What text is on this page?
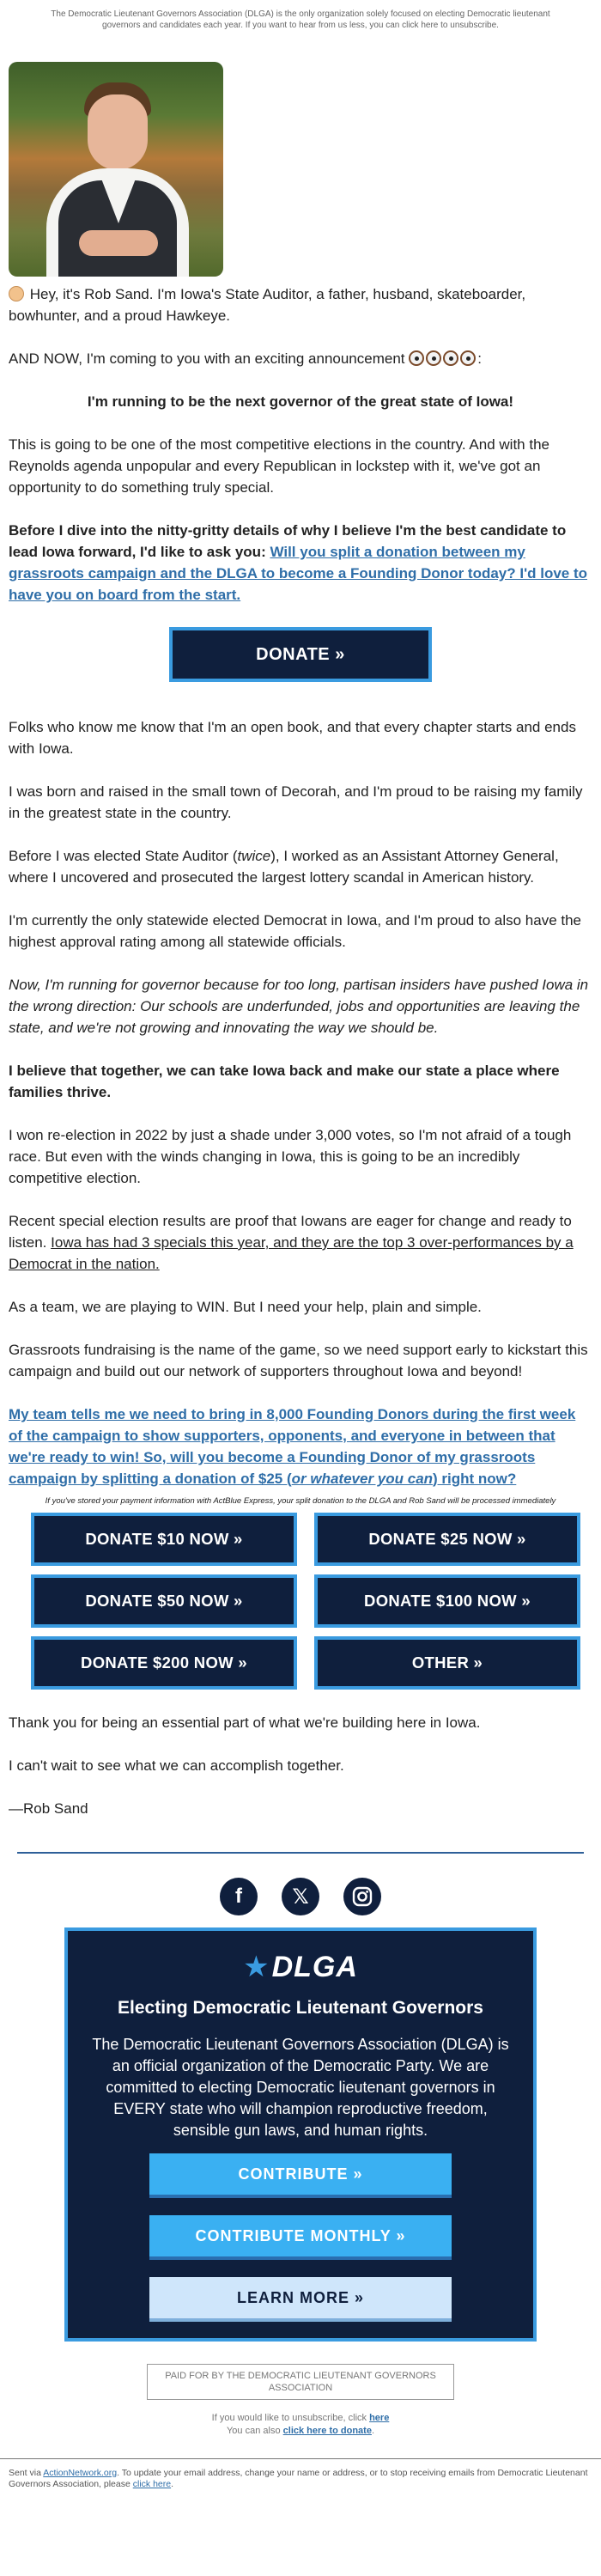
The Democratic Lieutenant Governors Association (DLGA) is the only organization solely focused on electing Democratic lieutenant governors and candidates each year. If you want to hear from us less, you can click here to unsubscribe.

Hey, it's Rob Sand. I'm Iowa's State Auditor, a father, husband, skateboarder, bowhunter, and a proud Hawkeye.

AND NOW, I'm coming to you with an exciting announcement	:

I'm running to be the next governor of the great state of Iowa!

This is going to be one of the most competitive elections in the country. And with the Reynolds agenda unpopular and every Republican in lockstep with it, we've got an opportunity to do something truly special.

Before I dive into the nitty-gritty details of why I believe I'm the best candidate to lead Iowa forward, I'd like to ask you: Will you split a donation between my grassroots campaign and the DLGA to become a Founding Donor today? I'd love to have you on board from the start.

DONATE »

Folks who know me know that I'm an open book, and that every chapter starts and ends with Iowa.

I was born and raised in the small town of Decorah, and I'm proud to be raising my family in the greatest state in the country.

Before I was elected State Auditor (twice), I worked as an Assistant Attorney General, where I uncovered and prosecuted the largest lottery scandal in American history.

I'm currently the only statewide elected Democrat in Iowa, and I'm proud to also have the highest approval rating among all statewide officials.

Now, I'm running for governor because for too long, partisan insiders have pushed Iowa in the wrong direction: Our schools are underfunded, jobs and opportunities are leaving the state, and we're not growing and innovating the way we should be.

I believe that together, we can take Iowa back and make our state a place where families thrive.

I won re-election in 2022 by just a shade under 3,000 votes, so I'm not afraid of a tough race. But even with the winds changing in Iowa, this is going to be an incredibly competitive election.

Recent special election results are proof that Iowans are eager for change and ready to listen. Iowa has had 3 specials this year, and they are the top 3 over-performances by a Democrat in the nation.

As a team, we are playing to WIN. But I need your help, plain and simple.

Grassroots fundraising is the name of the game, so we need support early to kickstart this campaign and build out our network of supporters throughout Iowa and beyond!

My team tells me we need to bring in 8,000 Founding Donors during the first week of the campaign to show supporters, opponents, and everyone in between that we're ready to win! So, will you become a Founding Donor of my grassroots campaign by splitting a donation of $25 (or whatever you can) right now?

If you've stored your payment information with ActBlue Express, your split donation to the DLGA and Rob Sand will be processed immediately
DONATE $10 NOW »	DONATE $25 NOW »
DONATE $50 NOW »	DONATE $100 NOW »
DONATE $200 NOW »	OTHER »

Thank you for being an essential part of what we're building here in Iowa.

I can't wait to see what we can accomplish together.

—Rob Sand

f	𝕏
★DLGA
Electing Democratic Lieutenant Governors
The Democratic Lieutenant Governors Association (DLGA) is an official organization of the Democratic Party. We are committed to electing Democratic lieutenant governors in EVERY state who will champion reproductive freedom, sensible gun laws, and human rights.
CONTRIBUTE »
CONTRIBUTE MONTHLY »
LEARN MORE »
PAID FOR BY THE DEMOCRATIC LIEUTENANT GOVERNORS ASSOCIATION
If you would like to unsubscribe, click here
You can also click here to donate.
Sent via ActionNetwork.org. To update your email address, change your name or address, or to stop receiving emails from Democratic Lieutenant Governors Association, please click here.
